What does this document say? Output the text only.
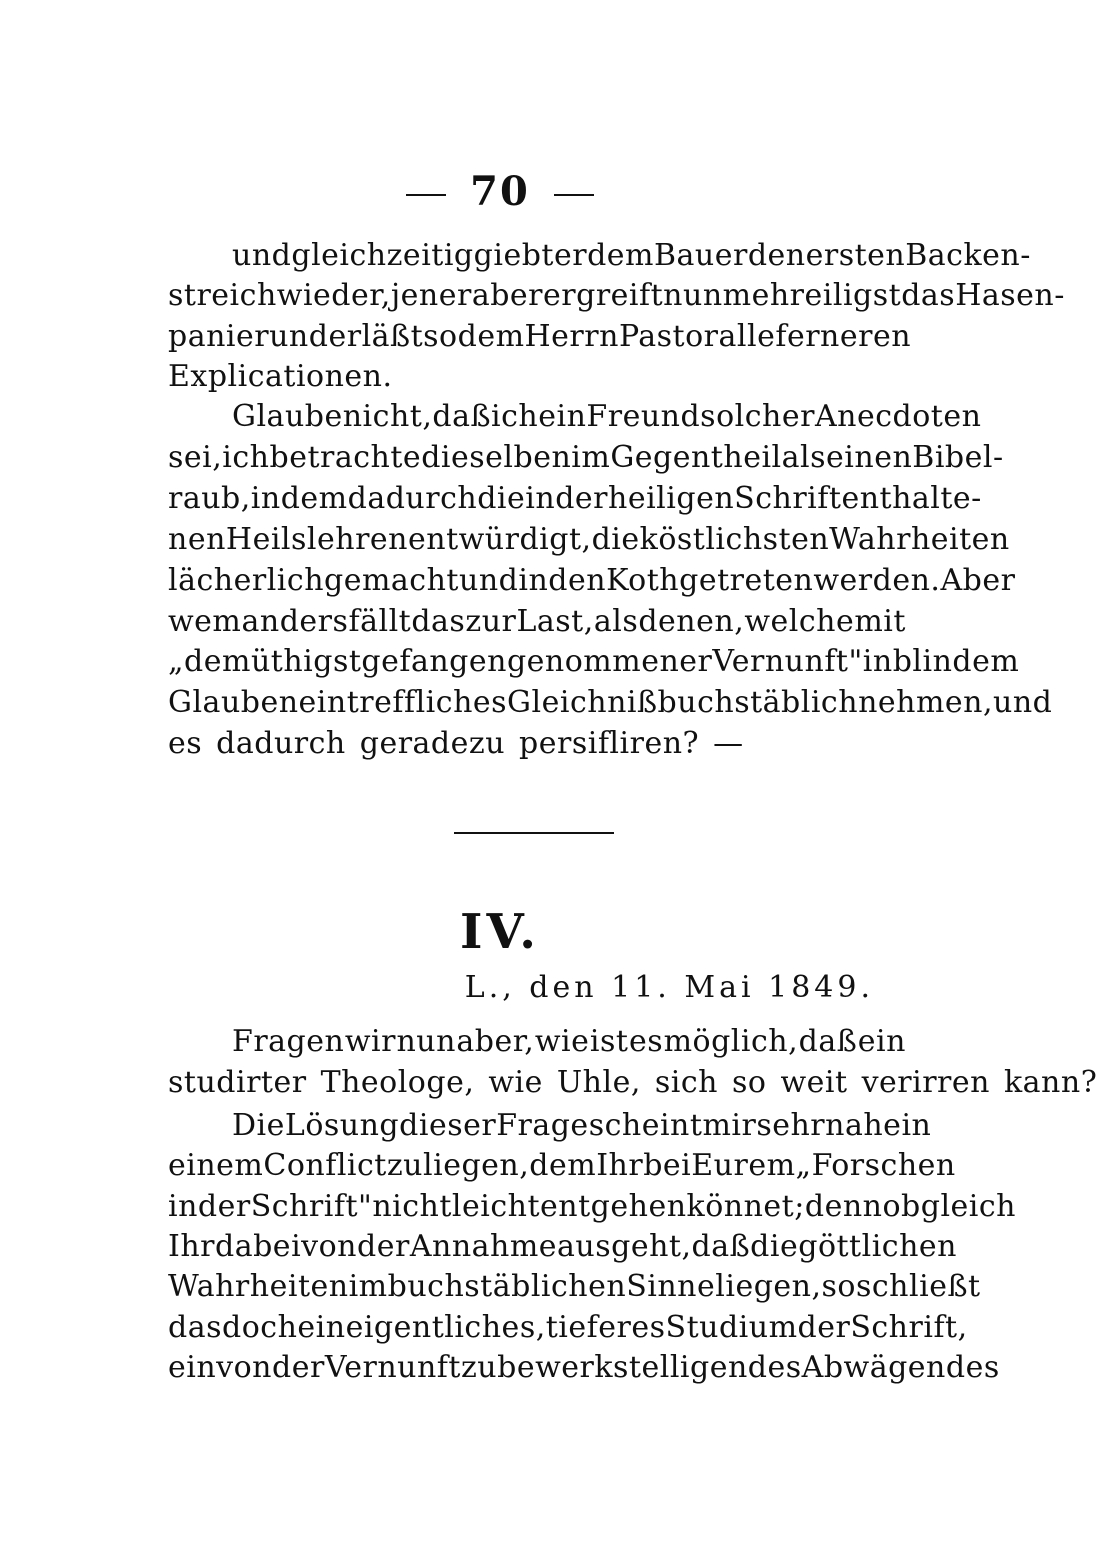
70
und gleichzeitig giebt er dem Bauer den ersten Backen-
streich wieder, jener aber ergreift nunmehr eiligst das Hasen-
panier und erläßt so dem Herrn Pastor alle ferneren
Explicationen.
Glaube nicht, daß ich ein Freund solcher Anecdoten
sei, ich betrachte dieselben im Gegentheil als einen Bibel-
raub, indem dadurch die in der heiligen Schrift enthalte-
nen Heilslehren entwürdigt, die köstlichsten Wahrheiten
lächerlich gemacht und in den Koth getreten werden. Aber
wem anders fällt das zur Last, als denen, welche mit
„demüthigst gefangengenommener Vernunft" in blindem
Glauben ein treffliches Gleichniß buchstäblich nehmen, und
es dadurch geradezu persifliren? —
IV.
L., den 11. Mai 1849.
Fragen wir nun aber, wie ist es möglich, daß ein
studirter Theologe, wie Uhle, sich so weit verirren kann?
Die Lösung dieser Frage scheint mir sehr nahe in
einem Conflict zu liegen, dem Ihr bei Eurem „Forschen
in der Schrift" nicht leicht entgehen könnet; denn obgleich
Ihr dabei von der Annahme ausgeht, daß die göttlichen
Wahrheiten im buchstäblichen Sinne liegen, so schließt
das doch ein eigentliches, tieferes Studium der Schrift,
ein von der Vernunft zu bewerkstelligendes Abwägen des
